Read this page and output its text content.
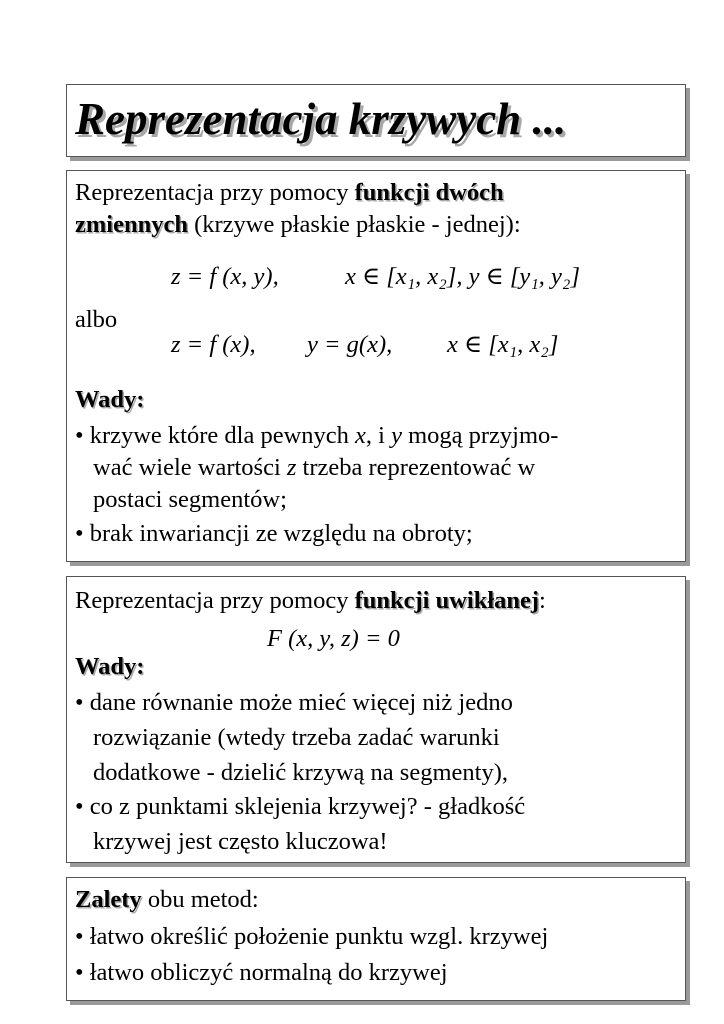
Reprezentacja krzywych ...
Reprezentacja przy pomocy funkcji dwóch
zmiennych (krzywe płaskie płaskie - jednej):
z = f (x, y),	x ∈ [x₁, x₂], y ∈ [y₁, y₂]
albo
z = f (x), y = g(x), x ∈ [x₁, x₂]
Wady:
• krzywe które dla pewnych x, i y mogą przyjmo-
wać wiele wartości z trzeba reprezentować w
postaci segmentów;
• brak inwariancji ze względu na obroty;
Reprezentacja przy pomocy funkcji uwikłanej:
F (x, y, z) = 0
Wady:
• dane równanie może mieć więcej niż jedno
rozwiązanie (wtedy trzeba zadać warunki
dodatkowe - dzielić krzywą na segmenty),
• co z punktami sklejenia krzywej? - gładkość
krzywej jest często kluczowa!
Zalety obu metod:
• łatwo określić położenie punktu wzgl. krzywej
• łatwo obliczyć normalną do krzywej
